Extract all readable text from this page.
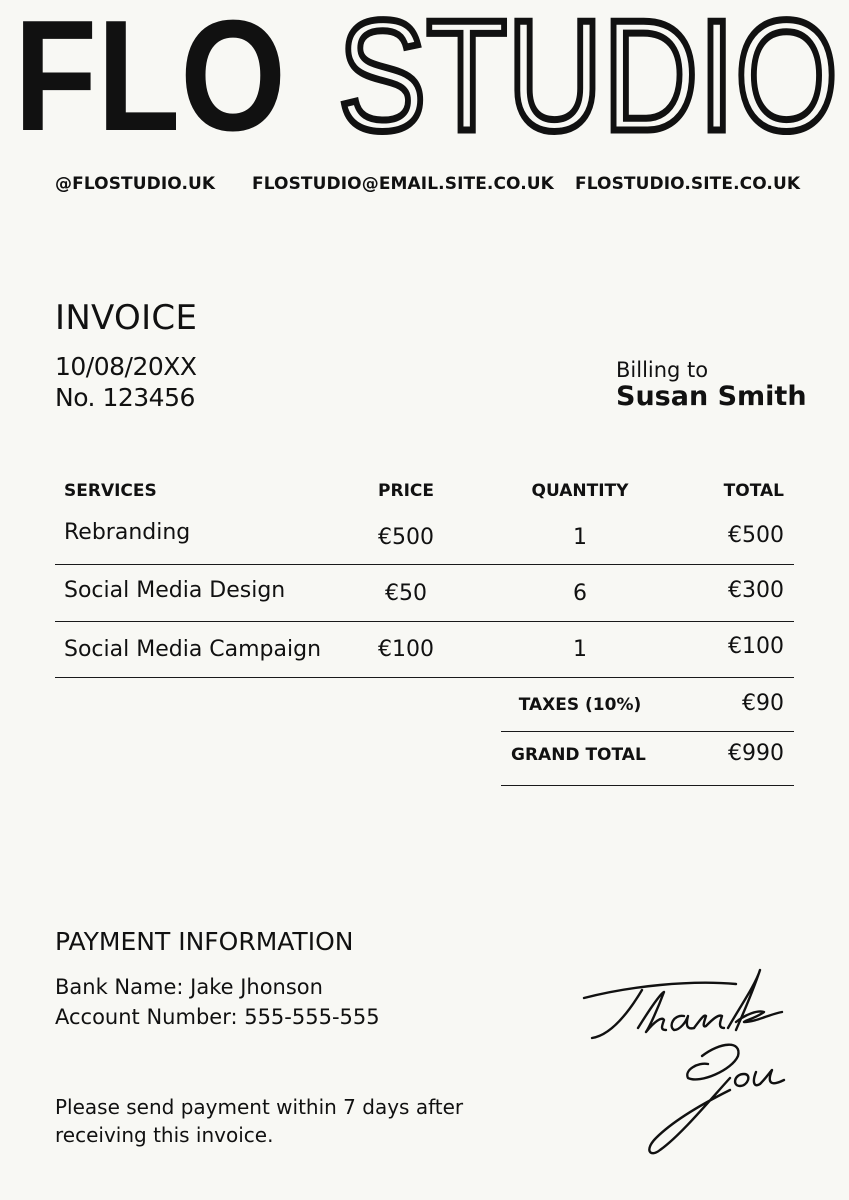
FLO STUDIO
@FLOSTUDIO.UK FLOSTUDIO@EMAIL.SITE.CO.UK FLOSTUDIO.SITE.CO.UK
INVOICE
10/08/20XX
No. 123456
Billing to
Susan Smith
SERVICES	PRICE	QUANTITY	TOTAL
Rebranding	€500	1	€500
Social Media Design	€50	6	€300
Social Media Campaign	€100	1	€100
TAXES (10%)	€90
GRAND TOTAL	€990
PAYMENT INFORMATION
Bank Name: Jake Jhonson
Account Number: 555-555-555
Please send payment within 7 days after receiving this invoice.
